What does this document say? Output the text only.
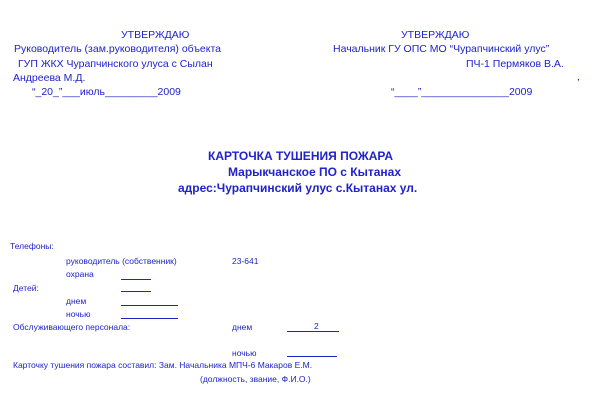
УТВЕРЖДАЮ
Руководитель (зам.руководителя) объекта
ГУП ЖКХ Чурапчинского улуса с Сылан
Андреева М.Д.
“_20_”___июль_________2009
УТВЕРЖДАЮ
Начальник ГУ ОПС МО “Чурапчинский улус”
ПЧ-1 Пермяков В.А.
,
“____”_______________2009
КАРТОЧКА ТУШЕНИЯ ПОЖАРА
Марыкчанское ПО с Кытанах
адрес:Чурапчинский улус с.Кытанах ул.
Телефоны:
руководитель (собственник)	23-641
охрана
Детей:
днем
ночью
Обслуживающего персонала:	днем	2
ночью
Карточку тушения пожара составил: Зам. Начальника МПЧ-6 Макаров Е.М.
(должность, звание, Ф.И.О.)
